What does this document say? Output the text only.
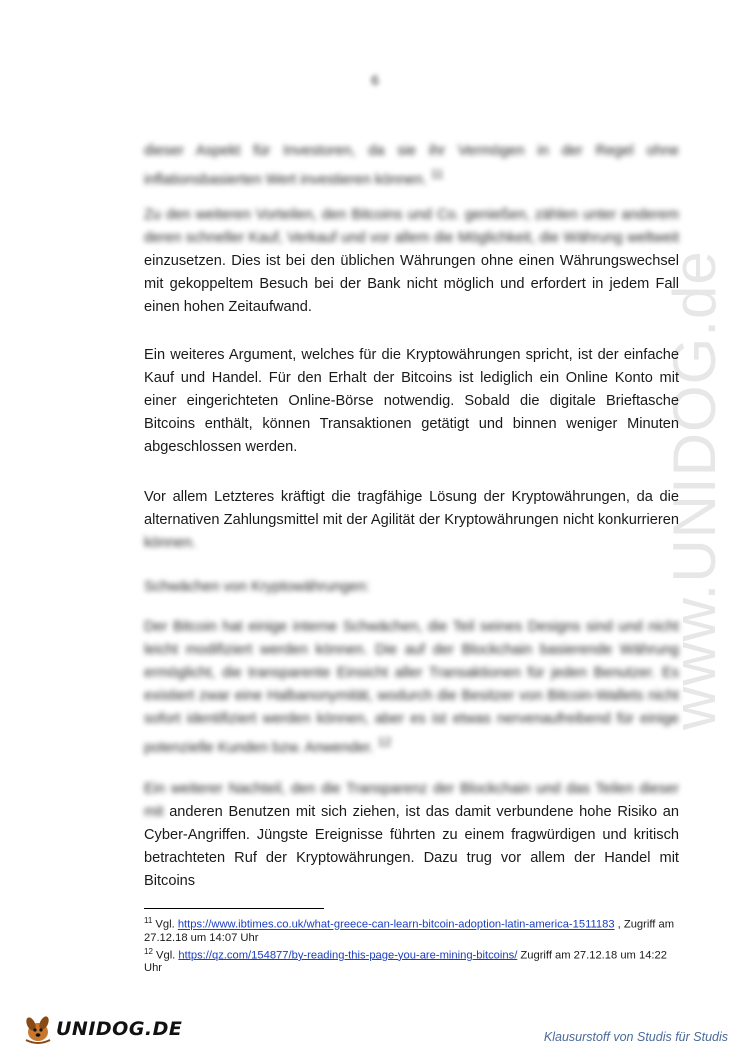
6
www.UNIDOG.de
dieser Aspekt für Investoren, da sie ihr Vermögen in der Regel ohne inflationsbasierten Wert investieren können. $^{11}$
Zu den weiteren Vorteilen, den Bitcoins und Co. genießen, zählen unter anderem deren schneller Kauf, Verkauf und vor allem die Möglichkeit, die Währung weltweit einzusetzen. Dies ist bei den üblichen Währungen ohne einen Währungswechsel mit gekoppeltem Besuch bei der Bank nicht möglich und erfordert in jedem Fall einen hohen Zeitaufwand.
Ein weiteres Argument, welches für die Kryptowährungen spricht, ist der einfache Kauf und Handel. Für den Erhalt der Bitcoins ist lediglich ein Online Konto mit einer eingerichteten Online-Börse notwendig. Sobald die digitale Brieftasche Bitcoins enthält, können Transaktionen getätigt und binnen weniger Minuten abgeschlossen werden.
Vor allem Letzteres kräftigt die tragfähige Lösung der Kryptowährungen, da die alternativen Zahlungsmittel mit der Agilität der Kryptowährungen nicht konkurrieren können.
Schwächen von Kryptowährungen:
Der Bitcoin hat einige interne Schwächen, die Teil seines Designs sind und nicht leicht modifiziert werden können. Die auf der Blockchain basierende Währung ermöglicht, die transparente Einsicht aller Transaktionen für jeden Benutzer. Es existiert zwar eine Halbanonymität, wodurch die Besitzer von Bitcoin-Wallets nicht sofort identifiziert werden können, aber es ist etwas nervenaufreibend für einige potenzielle Kunden bzw. Anwender. $^{12}$
Ein weiterer Nachteil, den die Transparenz der Blockchain und das Teilen dieser mit anderen Benutzen mit sich ziehen, ist das damit verbundene hohe Risiko an Cyber-Angriffen. Jüngste Ereignisse führten zu einem fragwürdigen und kritisch betrachteten Ruf der Kryptowährungen. Dazu trug vor allem der Handel mit Bitcoins
$^{11}$ Vgl. https://www.ibtimes.co.uk/what-greece-can-learn-bitcoin-adoption-latin-america-1511183 , Zugriff am 27.12.18 um 14:07 Uhr
$^{12}$ Vgl. https://qz.com/154877/by-reading-this-page-you-are-mining-bitcoins/ Zugriff am 27.12.18 um 14:22 Uhr
UNIDOG.DE	Klausurstoff von Studis für Studis
